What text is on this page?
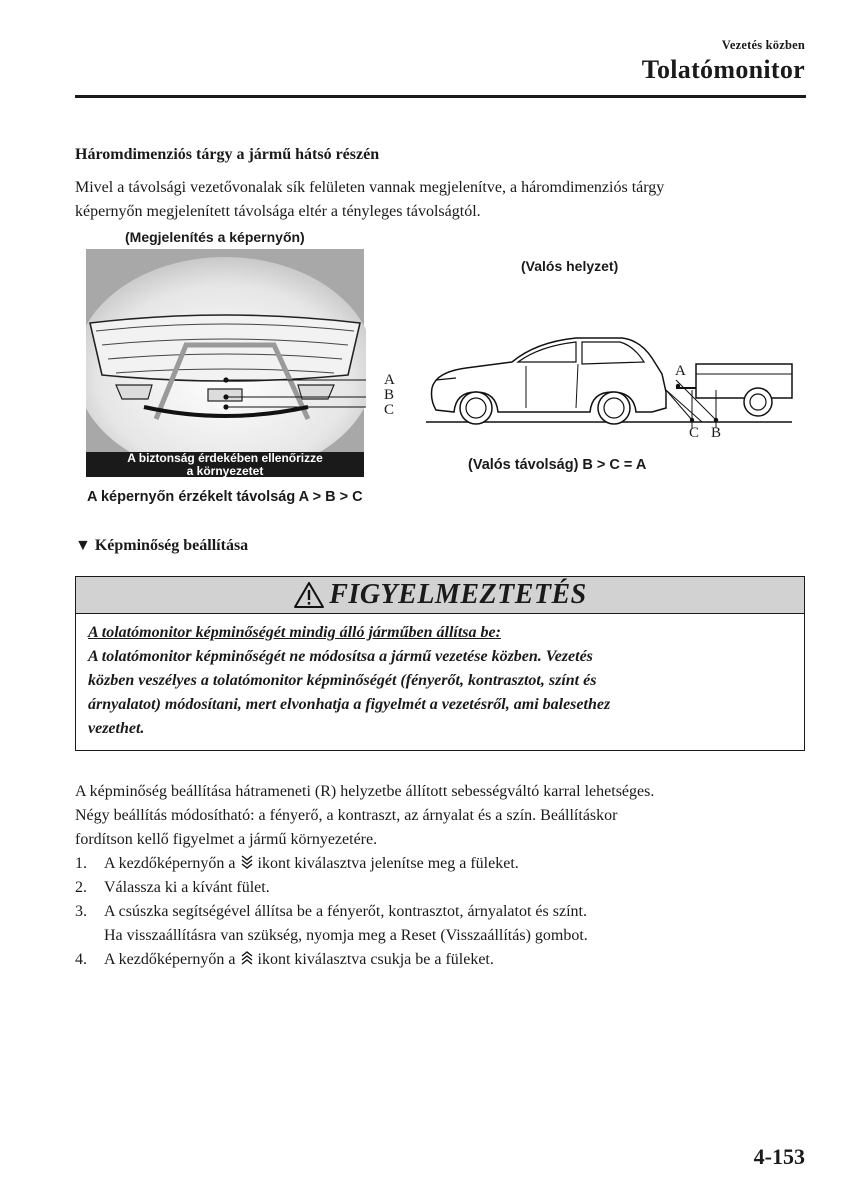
Vezetés közben
Tolatómonitor
Háromdimenziós tárgy a jármű hátsó részén
Mivel a távolsági vezetővonalak sík felületen vannak megjelenítve, a háromdimenziós tárgy
képernyőn megjelenített távolsága eltér a tényleges távolságtól.
(Megjelenítés a képernyőn)
A
B
C
A biztonság érdekében ellenőrizze
a környezetet
A képernyőn érzékelt távolság A > B > C
(Valós helyzet)
A
C B
(Valós távolság) B > C = A
▼ Képminőség beállítása
FIGYELMEZTETÉS
A tolatómonitor képminőségét mindig álló járműben állítsa be:
A tolatómonitor képminőségét ne módosítsa a jármű vezetése közben. Vezetés
közben veszélyes a tolatómonitor képminőségét (fényerőt, kontrasztot, színt és
árnyalatot) módosítani, mert elvonhatja a figyelmét a vezetésről, ami balesethez
vezethet.
A képminőség beállítása hátrameneti (R) helyzetbe állított sebességváltó karral lehetséges.
Négy beállítás módosítható: a fényerő, a kontraszt, az árnyalat és a szín. Beállításkor
fordítson kellő figyelmet a jármű környezetére.
1. A kezdőképernyőn a ikont kiválasztva jelenítse meg a füleket.
2. Válassza ki a kívánt fület.
3. A csúszka segítségével állítsa be a fényerőt, kontrasztot, árnyalatot és színt.
Ha visszaállításra van szükség, nyomja meg a Reset (Visszaállítás) gombot.
4. A kezdőképernyőn a ikont kiválasztva csukja be a füleket.
4-153
